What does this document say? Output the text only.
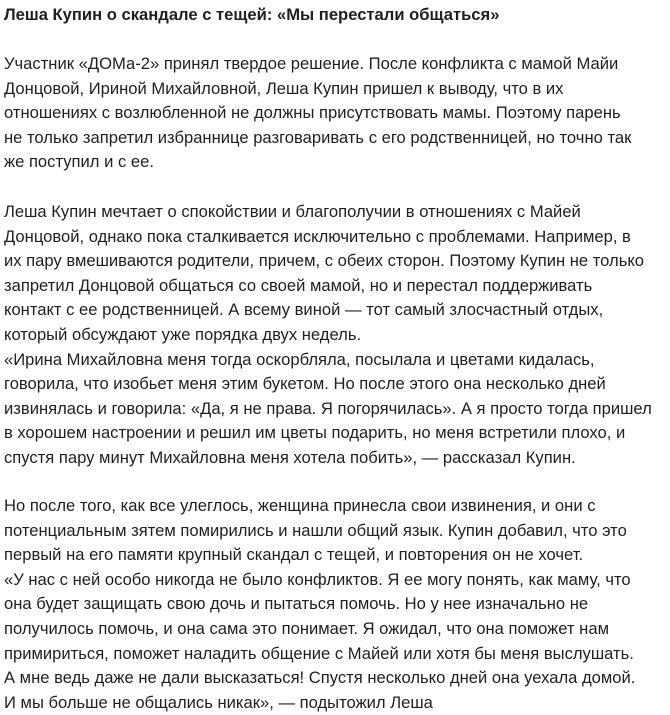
Леша Купин о скандале с тещей: «Мы перестали общаться»

Участник «ДОМа-2» принял твердое решение. После конфликта с мамой Майи
Донцовой, Ириной Михайловной, Леша Купин пришел к выводу, что в их
отношениях с возлюбленной не должны присутствовать мамы. Поэтому парень
не только запретил избраннице разговаривать с его родственницей, но точно так
же поступил и с ее.

Леша Купин мечтает о спокойствии и благополучии в отношениях с Майей
Донцовой, однако пока сталкивается исключительно с проблемами. Например, в
их пару вмешиваются родители, причем, с обеих сторон. Поэтому Купин не только
запретил Донцовой общаться со своей мамой, но и перестал поддерживать
контакт с ее родственницей. А всему виной — тот самый злосчастный отдых,
который обсуждают уже порядка двух недель.
«Ирина Михайловна меня тогда оскорбляла, посылала и цветами кидалась,
говорила, что изобьет меня этим букетом. Но после этого она несколько дней
извинялась и говорила: «Да, я не права. Я погорячилась». А я просто тогда пришел
в хорошем настроении и решил им цветы подарить, но меня встретили плохо, и
спустя пару минут Михайловна меня хотела побить», — рассказал Купин.

Но после того, как все улеглось, женщина принесла свои извинения, и они с
потенциальным зятем помирились и нашли общий язык. Купин добавил, что это
первый на его памяти крупный скандал с тещей, и повторения он не хочет.
«У нас с ней особо никогда не было конфликтов. Я ее могу понять, как маму, что
она будет защищать свою дочь и пытаться помочь. Но у нее изначально не
получилось помочь, и она сама это понимает. Я ожидал, что она поможет нам
примириться, поможет наладить общение с Майей или хотя бы меня выслушать.
А мне ведь даже не дали высказаться! Спустя несколько дней она уехала домой.
И мы больше не общались никак», — подытожил Леша
